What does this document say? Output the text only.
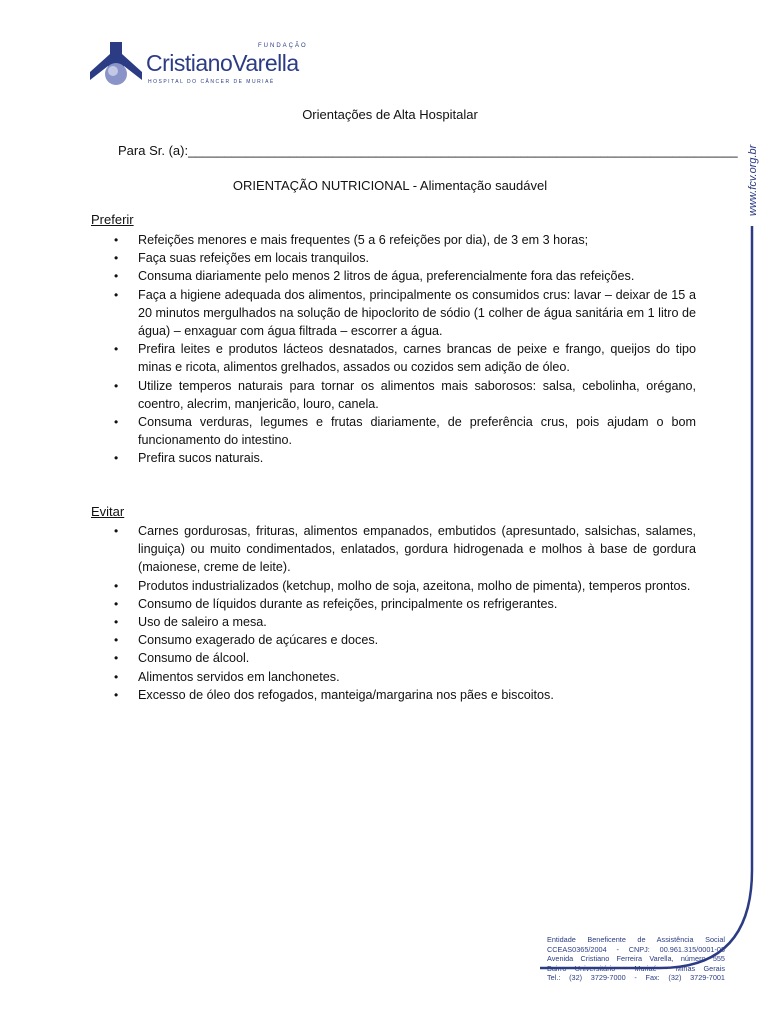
FUNDAÇÃO
CristianoVarella
HOSPITAL DO CÂNCER DE MURIAÉ
Orientações de Alta Hospitalar
Para Sr. (a):____________________________________________________________________________
ORIENTAÇÃO NUTRICIONAL - Alimentação saudável
Preferir
• Refeições menores e mais frequentes (5 a 6 refeições por dia), de 3 em 3 horas;
• Faça suas refeições em locais tranquilos.
• Consuma diariamente pelo menos 2 litros de água, preferencialmente fora das refeições.
• Faça a higiene adequada dos alimentos, principalmente os consumidos crus: lavar – deixar de 15 a 20 minutos mergulhados na solução de hipoclorito de sódio (1 colher de água sanitária em 1 litro de água) – enxaguar com água filtrada – escorrer a água.
• Prefira leites e produtos lácteos desnatados, carnes brancas de peixe e frango, queijos do tipo minas e ricota, alimentos grelhados, assados ou cozidos sem adição de óleo.
• Utilize temperos naturais para tornar os alimentos mais saborosos: salsa, cebolinha, orégano, coentro, alecrim, manjericão, louro, canela.
• Consuma verduras, legumes e frutas diariamente, de preferência crus, pois ajudam o bom funcionamento do intestino.
• Prefira sucos naturais.
Evitar
• Carnes gordurosas, frituras, alimentos empanados, embutidos (apresuntado, salsichas, salames, linguiça) ou muito condimentados, enlatados, gordura hidrogenada e molhos à base de gordura (maionese, creme de leite).
• Produtos industrializados (ketchup, molho de soja, azeitona, molho de pimenta), temperos prontos.
• Consumo de líquidos durante as refeições, principalmente os refrigerantes.
• Uso de saleiro a mesa.
• Consumo exagerado de açúcares e doces.
• Consumo de álcool.
• Alimentos servidos em lanchonetes.
• Excesso de óleo dos refogados, manteiga/margarina nos pães e biscoitos.
www.fcv.org.br
Entidade Beneficente de Assistência Social
CCEAS0365/2004 - CNPJ: 00.961.315/0001-03
Avenida Cristiano Ferreira Varella, número 555
Bairro Universitário - Muriaé - Minas Gerais
Tel.: (32) 3729-7000 - Fax: (32) 3729-7001
